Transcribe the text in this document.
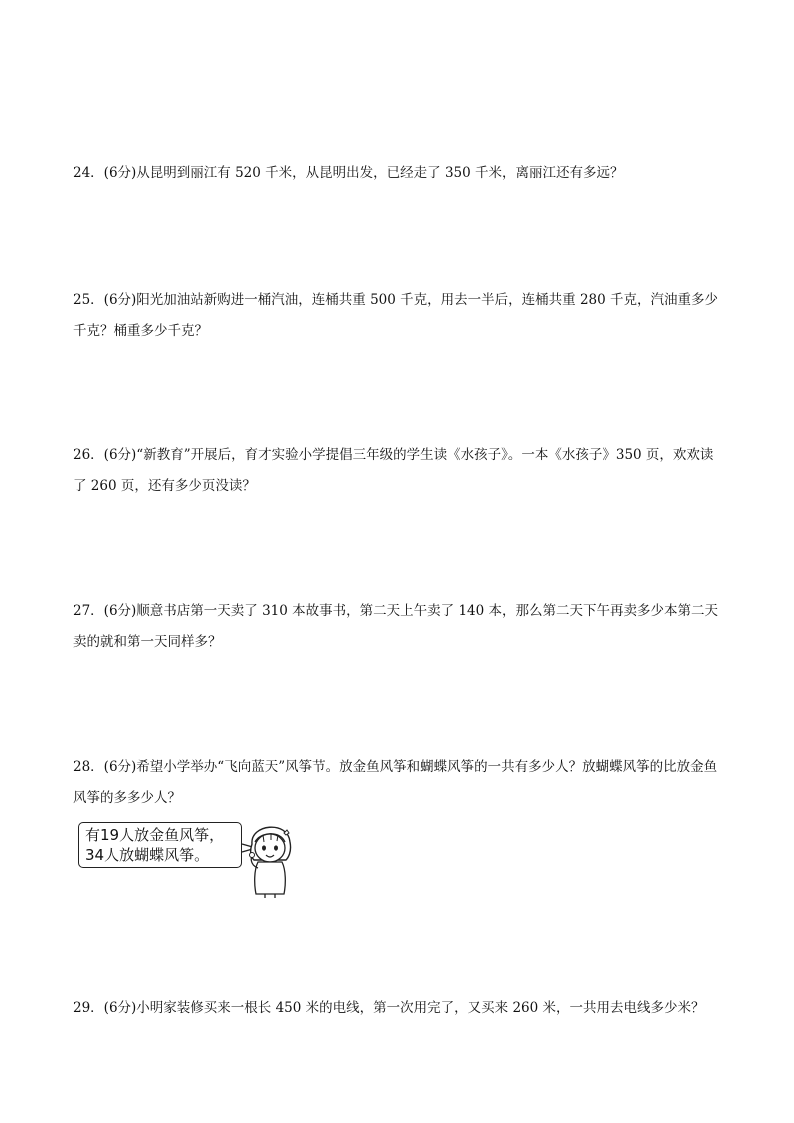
24．(6分)从昆明到丽江有 520 千米，从昆明出发，已经走了 350 千米，离丽江还有多远？

25．(6分)阳光加油站新购进一桶汽油，连桶共重 500 千克，用去一半后，连桶共重 280 千克，汽油重多少千克？桶重多少千克？

26．(6分)“新教育”开展后，育才实验小学提倡三年级的学生读《水孩子》。一本《水孩子》350 页，欢欢读了 260 页，还有多少页没读？

27．(6分)顺意书店第一天卖了 310 本故事书，第二天上午卖了 140 本，那么第二天下午再卖多少本第二天卖的就和第一天同样多？

28．(6分)希望小学举办“飞向蓝天”风筝节。放金鱼风筝和蝴蝶风筝的一共有多少人？放蝴蝶风筝的比放金鱼风筝的多多少人？

有19人放金鱼风筝，
34人放蝴蝶风筝。

29．(6分)小明家装修买来一根长 450 米的电线，第一次用完了，又买来 260 米，一共用去电线多少米？
